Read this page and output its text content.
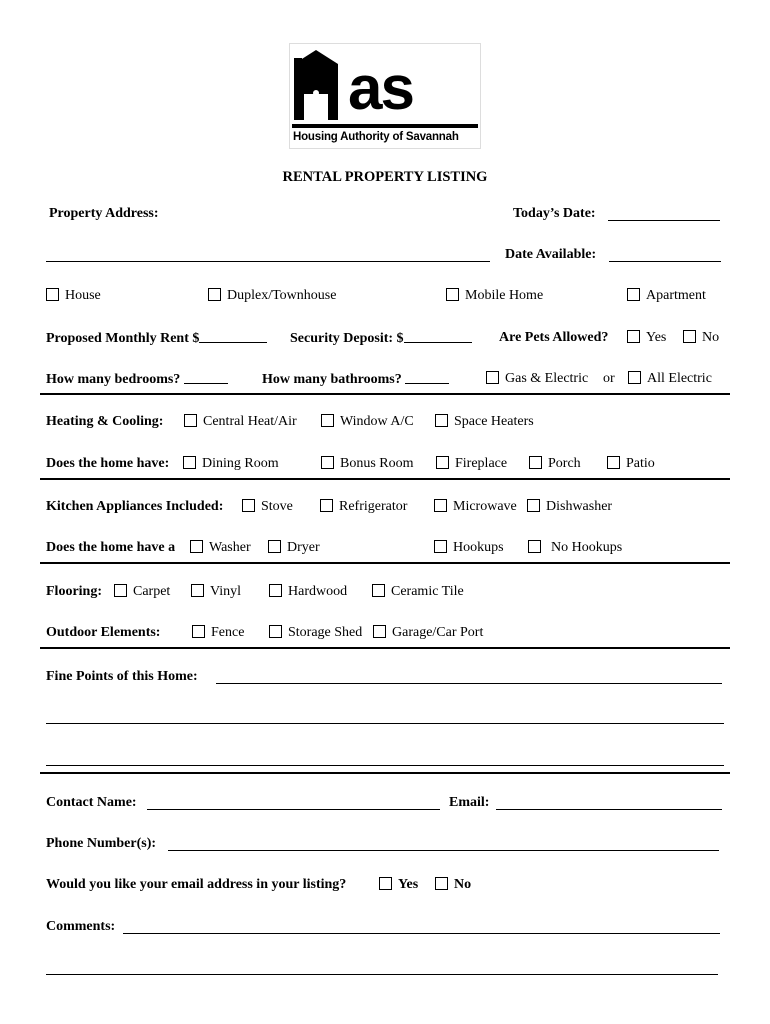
as
Housing Authority of Savannah
RENTAL PROPERTY LISTING
Property Address:	Today’s Date:
Date Available:
House	Duplex/Townhouse	Mobile Home	Apartment
Proposed Monthly Rent $	Security Deposit: $	Are Pets Allowed?	Yes	No
How many bedrooms?	How many bathrooms?	Gas & Electric or	All Electric
Heating & Cooling:	Central Heat/Air	Window A/C	Space Heaters
Does the home have:	Dining Room	Bonus Room	Fireplace	Porch	Patio
Kitchen Appliances Included:	Stove	Refrigerator	Microwave	Dishwasher
Does the home have a	Washer	Dryer	Hookups	No Hookups
Flooring:	Carpet	Vinyl	Hardwood	Ceramic Tile
Outdoor Elements:	Fence	Storage Shed	Garage/Car Port
Fine Points of this Home:
Contact Name:	Email:
Phone Number(s):
Would you like your email address in your listing?	Yes	No
Comments:
